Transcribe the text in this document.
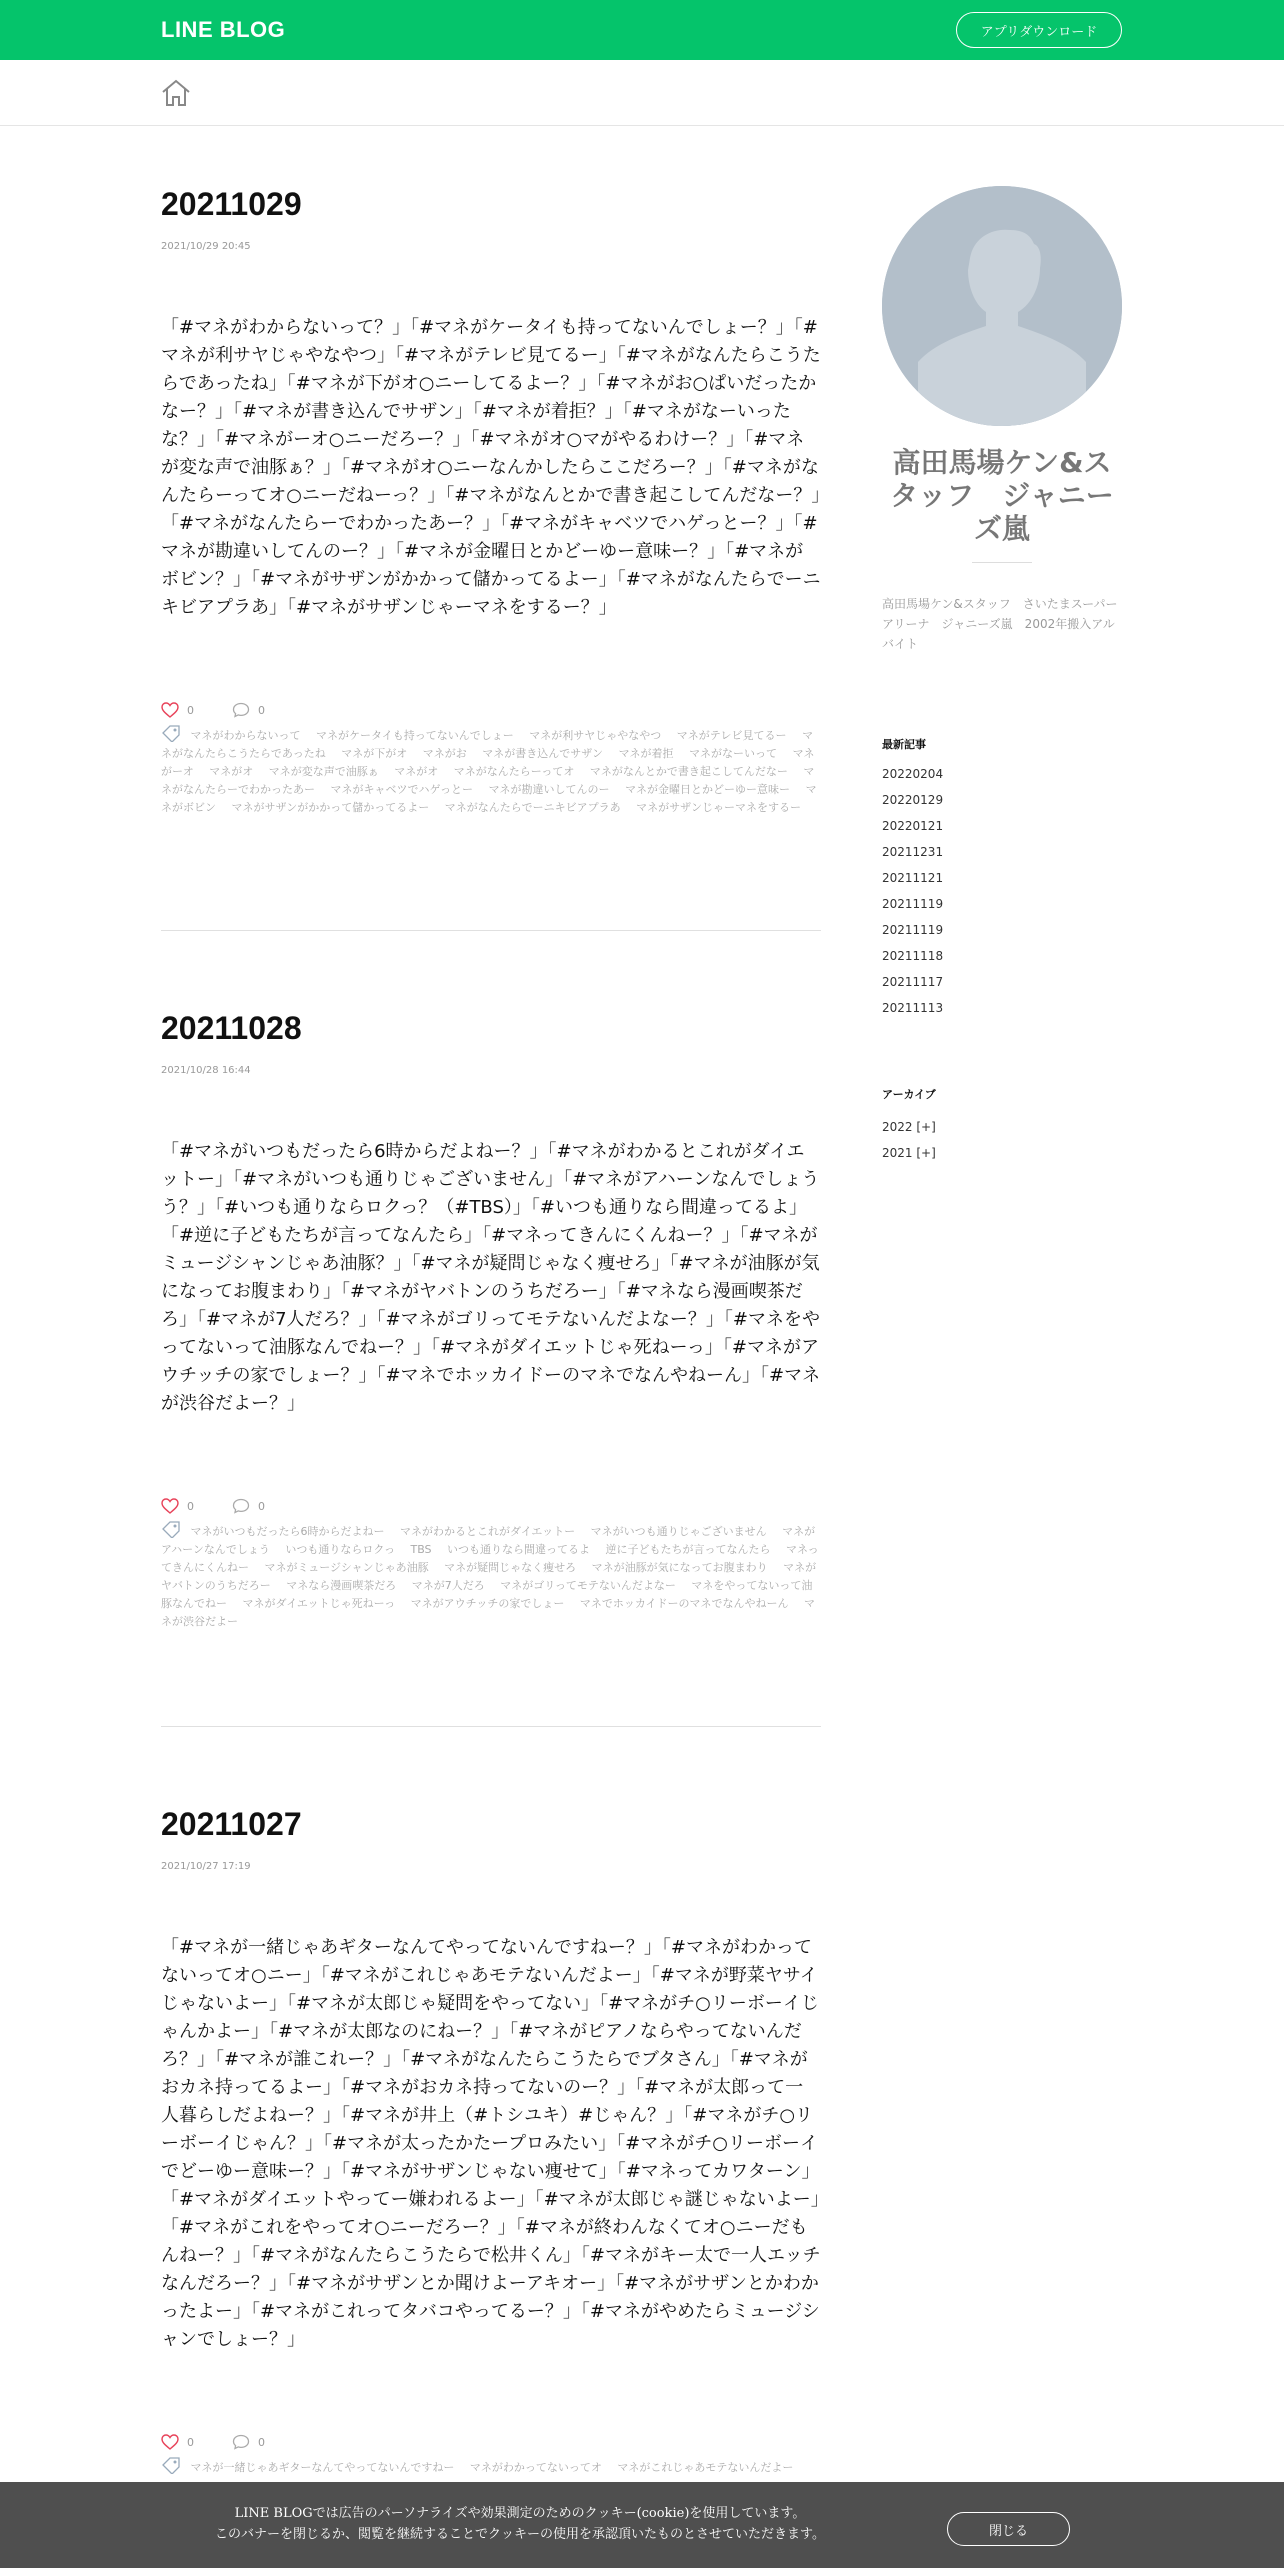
LINE BLOG	アプリダウンロード
20211029
2021/10/29 20:45
「#マネがわからないって？」「#マネがケータイも持ってないんでしょー？」「#マネが利サヤじゃやなやつ」「#マネがテレビ見てるー」「#マネがなんたらこうたらであったね」「#マネが下がオ○ニーしてるよー？」「#マネがお○ぱいだったかなー？」「#マネが書き込んでサザン」「#マネが着拒？」「#マネがなーいったな？」「#マネがーオ○ニーだろー？」「#マネがオ○マがやるわけー？」「#マネが変な声で油豚ぁ？」「#マネがオ○ニーなんかしたらここだろー？」「#マネがなんたらーってオ○ニーだねーっ？」「#マネがなんとかで書き起こしてんだなー？」「#マネがなんたらーでわかったあー？」「#マネがキャベツでハゲっとー？」「#マネが勘違いしてんのー？」「#マネが金曜日とかどーゆー意味ー？」「#マネがボビン？」「#マネがサザンがかかって儲かってるよー」「#マネがなんたらでーニキビアプラあ」「#マネがサザンじゃーマネをするー？」
0	0
マネがわからないって マネがケータイも持ってないんでしょー マネが利サヤじゃやなやつ マネがテレビ見てるー マネがなんたらこうたらであったね マネが下がオ マネがお マネが書き込んでサザン マネが着拒 マネがなーいって マネがーオ マネがオ マネが変な声で油豚ぁ マネがオ マネがなんたらーってオ マネがなんとかで書き起こしてんだなー マネがなんたらーでわかったあー マネがキャベツでハゲっとー マネが勘違いしてんのー マネが金曜日とかどーゆー意味ー マネがボビン マネがサザンがかかって儲かってるよー マネがなんたらでーニキビアプラあ マネがサザンじゃーマネをするー
20211028
2021/10/28 16:44
「#マネがいつもだったら6時からだよねー？」「#マネがわかるとこれがダイエットー」「#マネがいつも通りじゃございません」「#マネがアハーンなんでしょうう？」「#いつも通りならロクっ？（#TBS）」「#いつも通りなら間違ってるよ」「#逆に子どもたちが言ってなんたら」「#マネってきんにくんねー？」「#マネがミュージシャンじゃあ油豚？」「#マネが疑問じゃなく痩せろ」「#マネが油豚が気になってお腹まわり」「#マネがヤバトンのうちだろー」「#マネなら漫画喫茶だろ」「#マネが7人だろ？」「#マネがゴリってモテないんだよなー？」「#マネをやってないって油豚なんでねー？」「#マネがダイエットじゃ死ねーっ」「#マネがアウチッチの家でしょー？」「#マネでホッカイドーのマネでなんやねーん」「#マネが渋谷だよー？」
0	0
マネがいつもだったら6時からだよねー マネがわかるとこれがダイエットー マネがいつも通りじゃございません マネがアハーンなんでしょう いつも通りならロクっ TBS いつも通りなら間違ってるよ 逆に子どもたちが言ってなんたら マネってきんにくんねー マネがミュージシャンじゃあ油豚 マネが疑問じゃなく痩せろ マネが油豚が気になってお腹まわり マネがヤバトンのうちだろー マネなら漫画喫茶だろ マネが7人だろ マネがゴリってモテないんだよなー マネをやってないって油豚なんでねー マネがダイエットじゃ死ねーっ マネがアウチッチの家でしょー マネでホッカイドーのマネでなんやねーん マネが渋谷だよー
20211027
2021/10/27 17:19
「#マネが一緒じゃあギターなんてやってないんですねー？」「#マネがわかってないってオ○ニー」「#マネがこれじゃあモテないんだよー」「#マネが野菜ヤサイじゃないよー」「#マネが太郎じゃ疑問をやってない」「#マネがチ○リーボーイじゃんかよー」「#マネが太郎なのにねー？」「#マネがピアノならやってないんだろ？」「#マネが誰これー？」「#マネがなんたらこうたらでブタさん」「#マネがおカネ持ってるよー」「#マネがおカネ持ってないのー？」「#マネが太郎って一人暮らしだよねー？」「#マネが井上（#トシユキ）#じゃん？」「#マネがチ○リーボーイじゃん？」「#マネが太ったかたープロみたい」「#マネがチ○リーボーイでどーゆー意味ー？」「#マネがサザンじゃない痩せて」「#マネってカワターン」「#マネがダイエットやってー嫌われるよー」「#マネが太郎じゃ謎じゃないよー」「#マネがこれをやってオ○ニーだろー？」「#マネが終わんなくてオ○ニーだもんねー？」「#マネがなんたらこうたらで松井くん」「#マネがキー太で一人エッチなんだろー？」「#マネがサザンとか聞けよーアキオー」「#マネがサザンとかわかったよー」「#マネがこれってタバコやってるー？」「#マネがやめたらミュージシャンでしょー？」
0	0
マネが一緒じゃあギターなんてやってないんですねー マネがわかってないってオ マネがこれじゃあモテないんだよー
高田馬場ケン&スタッフ　ジャニーズ嵐
高田馬場ケン&スタッフ　さいたまスーパーアリーナ　ジャニーズ嵐　2002年搬入アルバイト
最新記事
20220204
20220129
20220121
20211231
20211121
20211119
20211119
20211118
20211117
20211113
アーカイブ
2022 [+]
2021 [+]
LINE BLOGでは広告のパーソナライズや効果測定のためのクッキー(cookie)を使用しています。
このバナーを閉じるか、閲覧を継続することでクッキーの使用を承認頂いたものとさせていただきます。	閉じる
